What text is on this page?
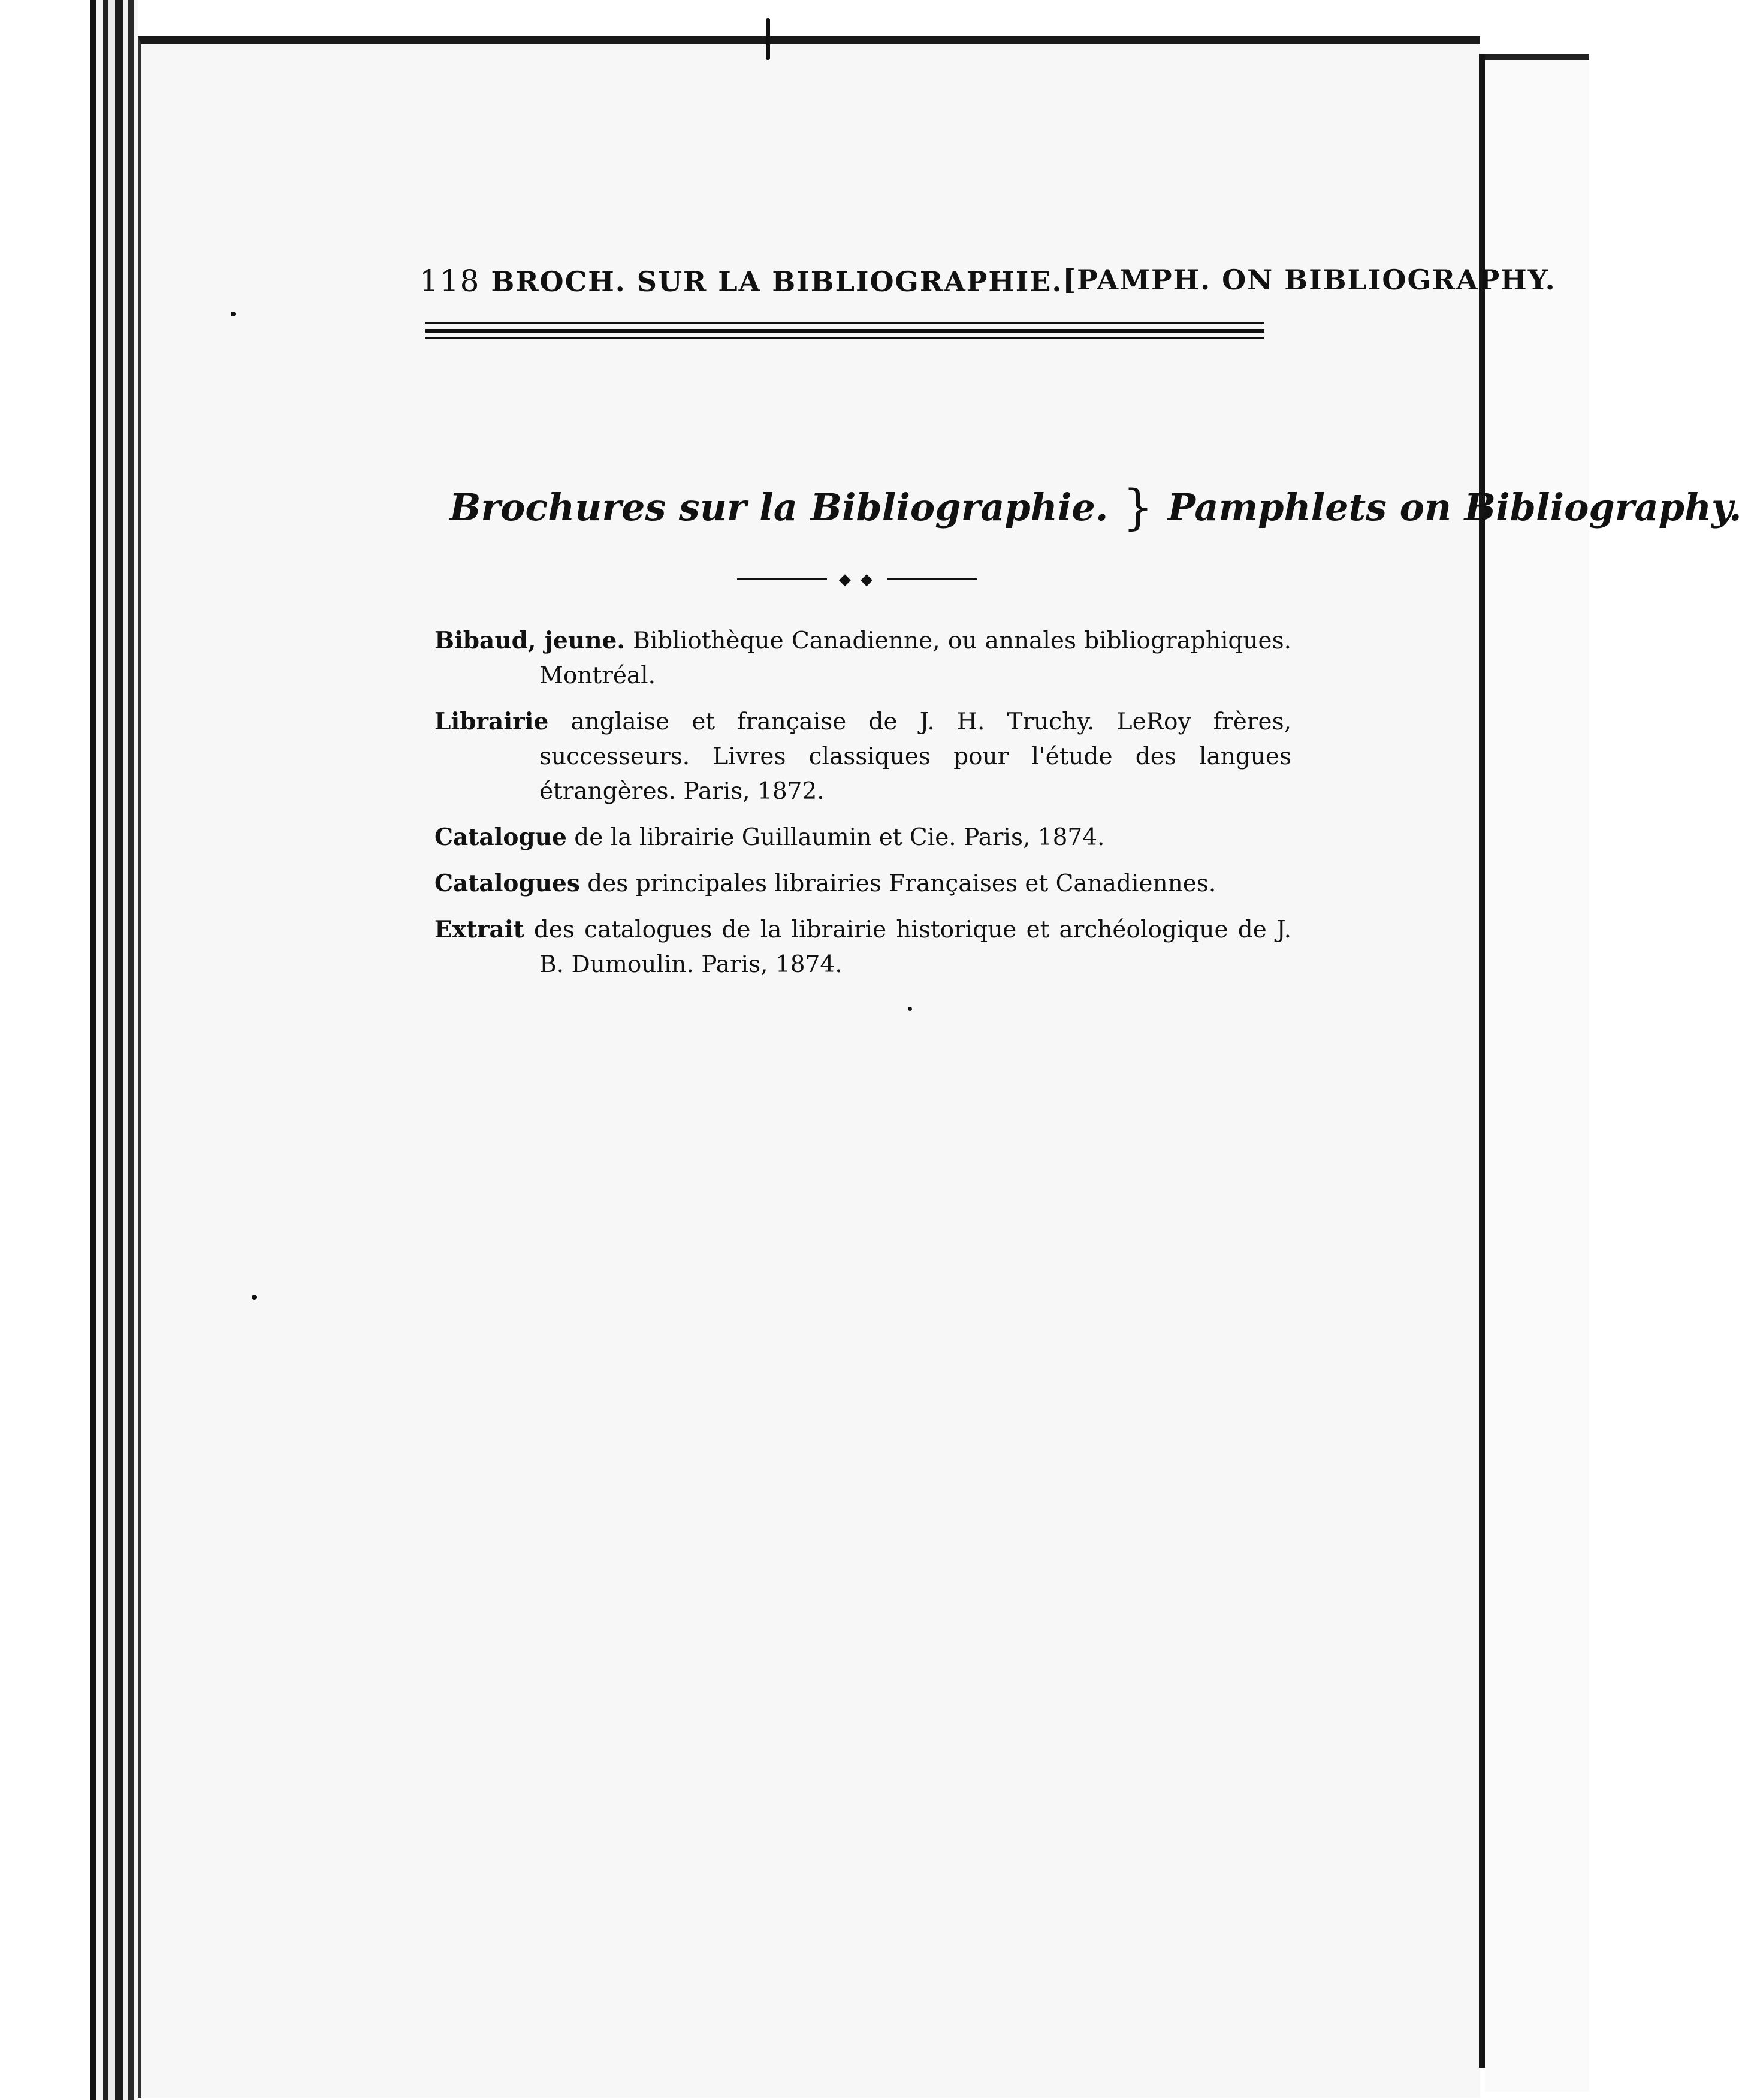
118 BROCH. SUR LA BIBLIOGRAPHIE. [PAMPH. ON BIBLIOGRAPHY.
Brochures sur la Bibliographie. } Pamphlets on Bibliography.
◆ ◆
Bibaud, jeune. Bibliothèque Canadienne, ou annales bibliographiques. Montréal.
Librairie anglaise et française de J. H. Truchy. LeRoy frères, successeurs. Livres classiques pour l'étude des langues étrangères. Paris, 1872.
Catalogue de la librairie Guillaumin et Cie. Paris, 1874.
Catalogues des principales librairies Françaises et Canadiennes.
Extrait des catalogues de la librairie historique et archéologique de J. B. Dumoulin. Paris, 1874.
